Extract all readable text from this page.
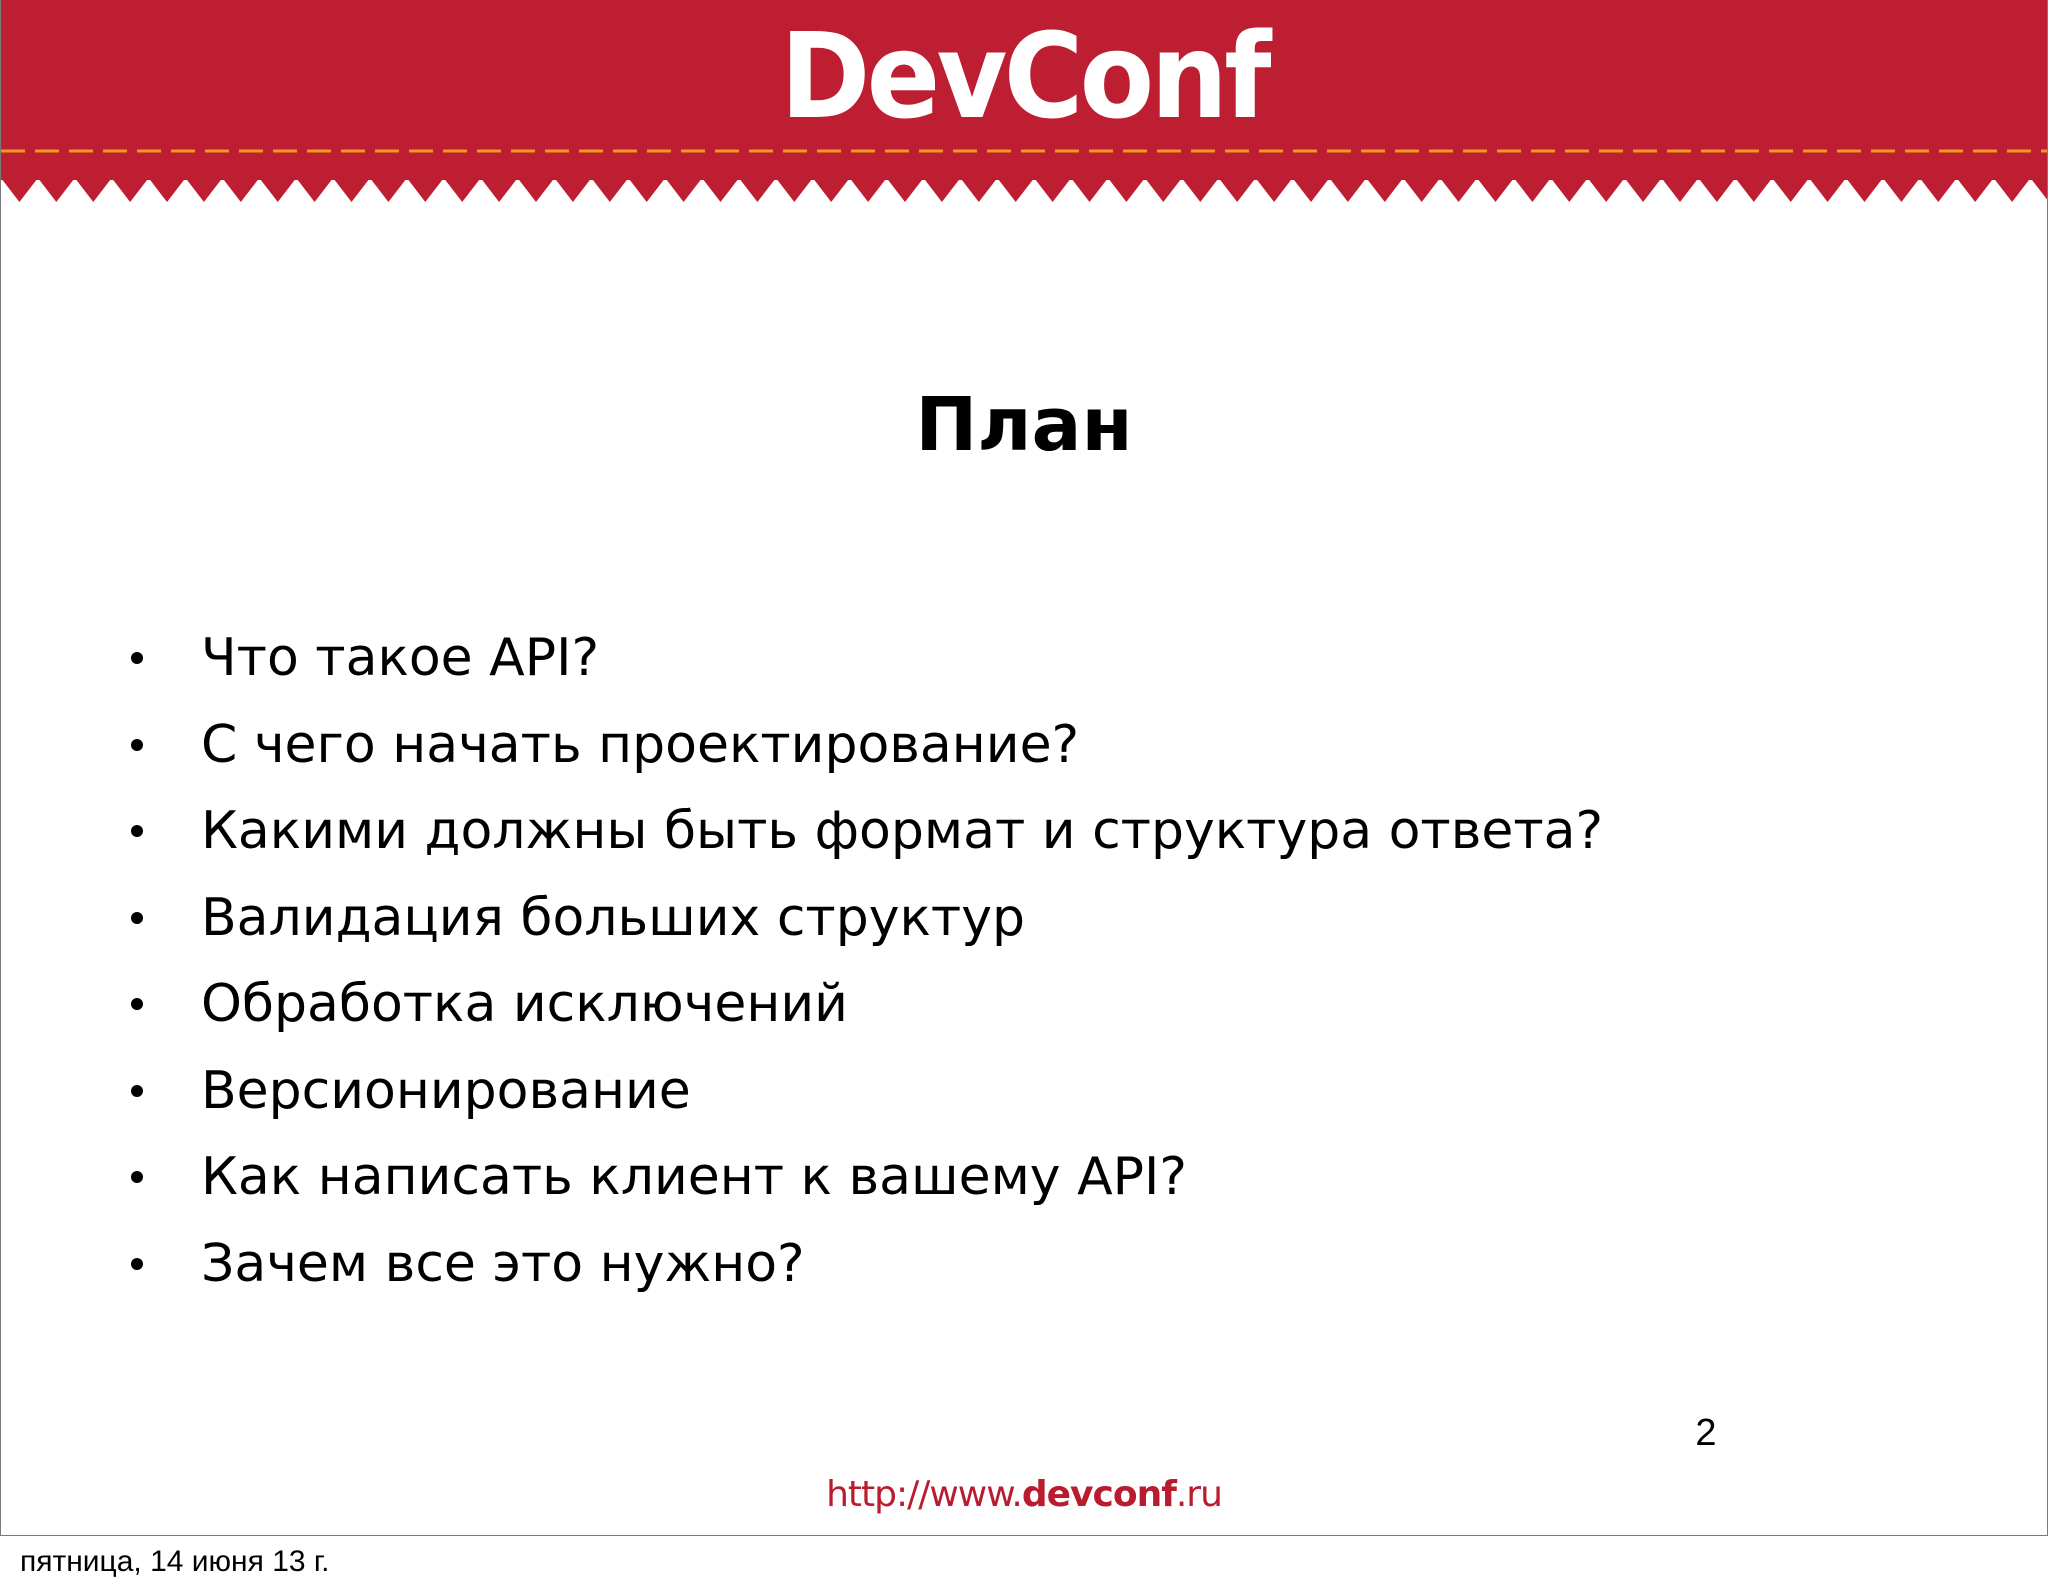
DevConf
План
Что такое API?
С чего начать проектирование?
Какими должны быть формат и структура ответа?
Валидация больших структур
Обработка исключений
Версионирование
Как написать клиент к вашему API?
Зачем все это нужно?
2
http://www.devconf.ru
пятница, 14 июня 13 г.
